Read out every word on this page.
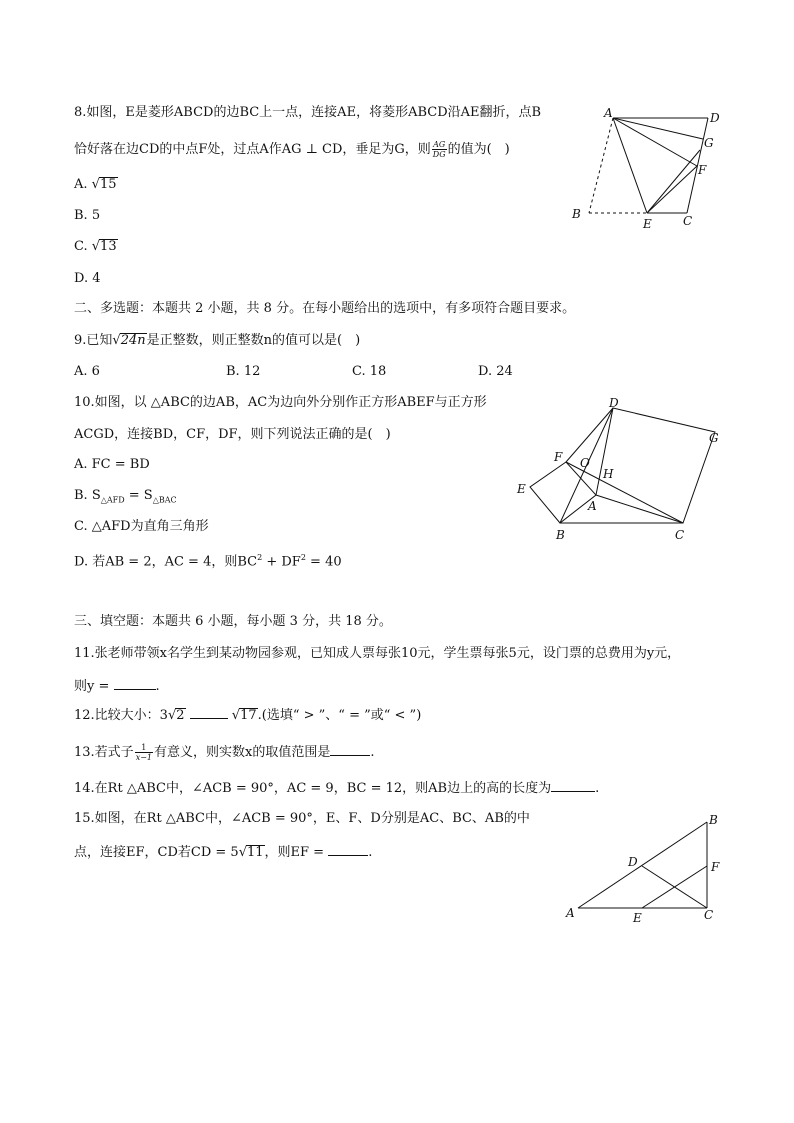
8.如图，E是菱形ABCD的边BC上一点，连接AE，将菱形ABCD沿AE翻折，点B
恰好落在边CD的中点F处，过点A作AG ⊥ CD，垂足为G，则 $\frac{AG}{DG}$ 的值为(　)
A. √15
B. 5
C. √13
D. 4
A	D
G
F
B
E	C
二、多选题：本题共 2 小题，共 8 分。在每小题给出的选项中，有多项符合题目要求。
9.已知√24n是正整数，则正整数n的值可以是(　)
A. 6	B. 12	C. 18	D. 24
10.如图，以 △ABC的边AB，AC为边向外分别作正方形ABEF与正方形
ACGD，连接BD，CF，DF，则下列说法正确的是(　)
A. FC = BD
B. $S_{\triangle AFD} = S_{\triangle BAC}$
C. △AFD为直角三角形
D. 若AB = 2，AC = 4，则$BC^2 + DF^2 = 40$
D
G
F O
H
E
A
B	C
三、填空题：本题共 6 小题，每小题 3 分，共 18 分。
11.张老师带领x名学生到某动物园参观，已知成人票每张10元，学生票每张5元，设门票的总费用为y元，
则y =	.
12.比较大小：3√2	√17.(选填“ > ”、“ = ”或“ < ”)
13.若式子 $\frac{1}{x-1}$ 有意义，则实数x的取值范围是	.
14.在Rt △ABC中，∠ACB = 90°，AC = 9，BC = 12，则AB边上的高的长度为	.
15.如图，在Rt △ABC中，∠ACB = 90°，E、F、D分别是AC、BC、AB的中
点，连接EF，CD若CD = 5√11，则EF =	.
B
D	F
A	E	C
